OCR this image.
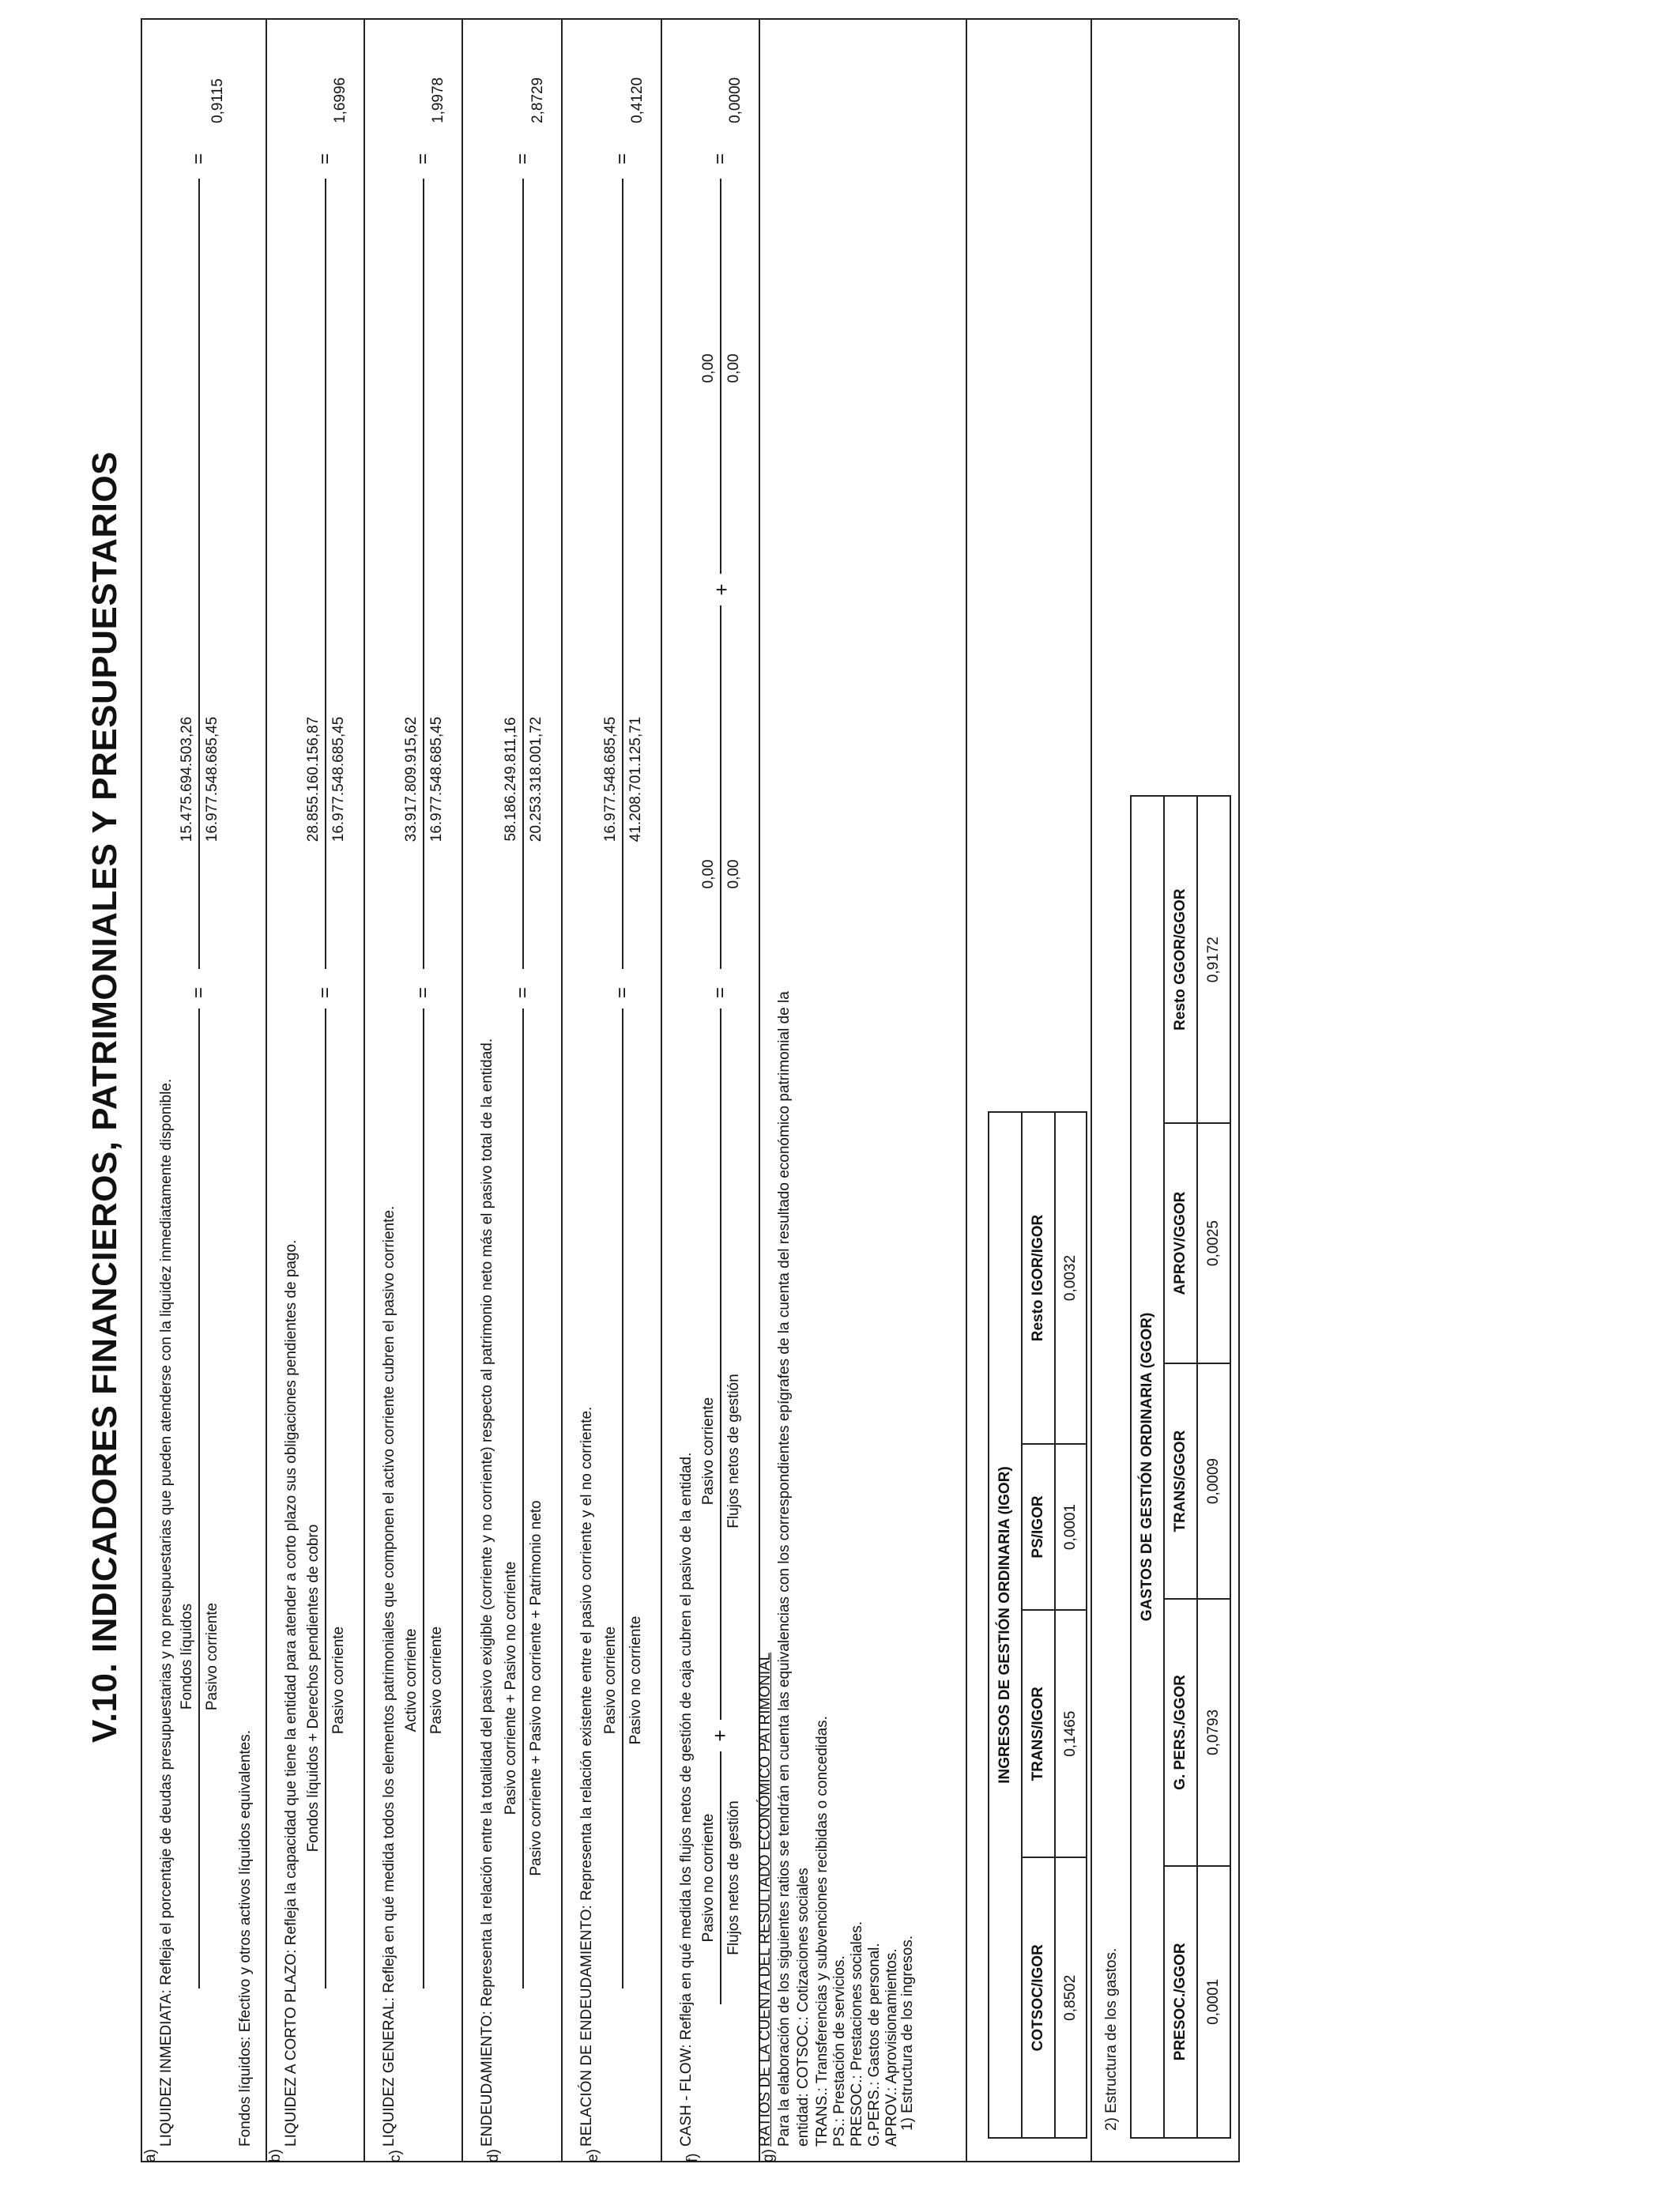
V.10. INDICADORES FINANCIEROS, PATRIMONIALES Y PRESUPUESTARIOS
a)
LIQUIDEZ INMEDIATA: Refleja el porcentaje de deudas presupuestarias y no presupuestarias que pueden atenderse con la liquidez inmediatamente disponible. Fondos líquidos Pasivo corriente
=
15.475.694.503,26 16.977.548.685,45
=
0,9115
Fondos líquidos: Efectivo y otros activos líquidos equivalentes.
b)
LIQUIDEZ A CORTO PLAZO: Refleja la capacidad que tiene la entidad para atender a corto plazo sus obligaciones pendientes de pago. Fondos líquidos + Derechos pendientes de cobro Pasivo corriente
=
28.855.160.156,87 16.977.548.685,45
=
1,6996
c)
LIQUIDEZ GENERAL: Refleja en qué medida todos los elementos patrimoniales que componen el activo corriente cubren el pasivo corriente. Activo corriente Pasivo corriente
=
33.917.809.915,62 16.977.548.685,45
=
1,9978
d)
ENDEUDAMIENTO: Representa la relación entre la totalidad del pasivo exigible (corriente y no corriente) respecto al patrimonio neto más el pasivo total de la entidad. Pasivo corriente + Pasivo no corriente Pasivo corriente + Pasivo no corriente + Patrimonio neto
=
58.186.249.811,16 20.253.318.001,72
=
2,8729
e)
RELACIÓN DE ENDEUDAMIENTO: Representa la relación existente entre el pasivo corriente y el no corriente. Pasivo corriente Pasivo no corriente
=
16.977.548.685,45 41.208.701.125,71
=
0,4120
f)
CASH - FLOW: Refleja en qué medida los flujos netos de gestión de caja cubren el pasivo de la entidad. Pasivo no corriente Flujos netos de gestión
+
Pasivo corriente Flujos netos de gestión
=
0,00 0,00
+
0,00 0,00
=
0,0000
g)
RATIOS DE LA CUENTA DEL RESULTADO ECONÓMICO PATRIMONIAL Para la elaboración de los siguientes ratios se tendrán en cuenta las equivalencias con los correspondientes epígrafes de la cuenta del resultado económico patrimonial de la entidad: COTSOC.: Cotizaciones sociales TRANS.: Transferencias y subvenciones recibidas o concedidas. PS.: Prestación de servicios. PRESOC.: Prestaciones sociales. G.PERS.: Gastos de personal. APROV.: Aprovisionamientos. 1) Estructura de los ingresos.
INGRESOS DE GESTIÓN ORDINARIA (IGOR)			
COTSOC/IGOR	TRANS/IGOR	PS/IGOR	Resto IGOR/IGOR
0,8502	0,1465	0,0001	0,0032
2) Estructura de los gastos.
GASTOS DE GESTIÓN ORDINARIA (GGOR)				
PRESOC./GGOR	G. PERS./GGOR	TRANS/GGOR	APROV/GGOR	Resto GGOR/GGOR
0,0001	0,0793	0,0009	0,0025	0,9172
